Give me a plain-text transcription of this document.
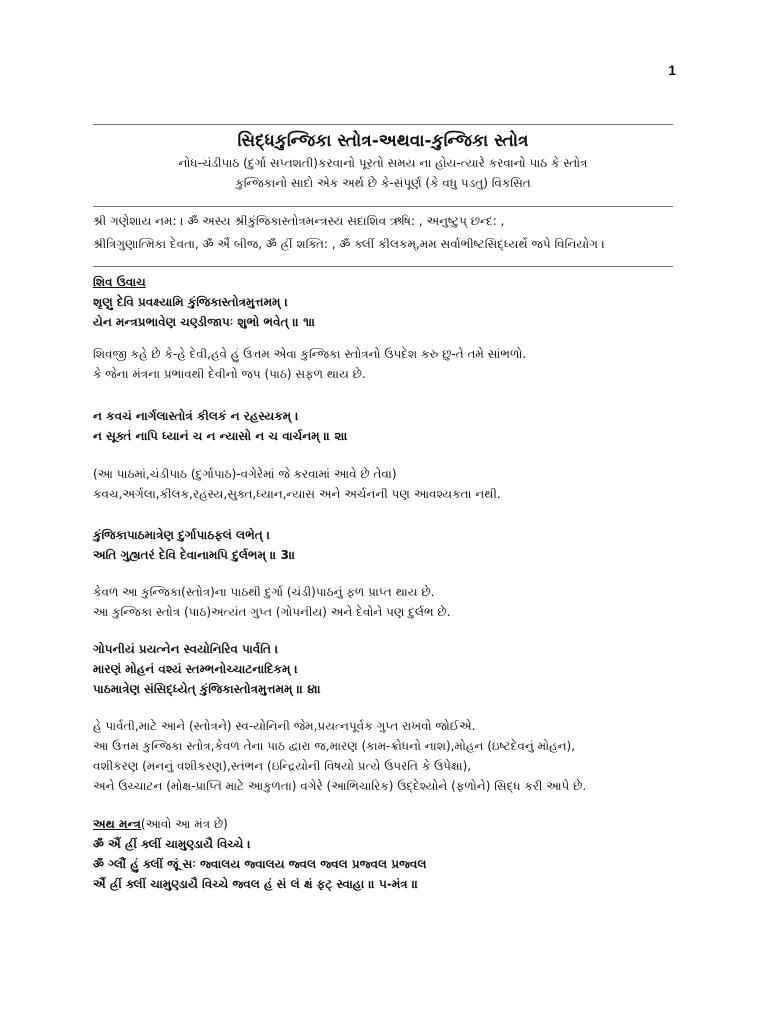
1
સિદ્ધકુન્જિકા સ્તોત્ર-અથવા-કુન્જિકા સ્તોત્ર
નોધ-ચંડીપાઠ (દુર્ગા સપ્તશતી)કરવાનો પૂરતો સમય ના હોય-ત્યારે કરવાનો પાઠ કે સ્તોત્ર
કુન્જિકાનો સાદો એક અર્થ છે કે-સંપૂર્ણ (કે વધુ પડતુ) વિકસિત
શ્રી ગણેશાય નમ: । ॐ અસ્ય શ્રીકુંજિકાસ્તોત્રમન્ત્રસ્ય સદાશિવ ઋષિ: , અનુષ્ટુપ્ છન્દ: ,
શ્રીત્રિગુણાત્મિકા દેવતા, ॐ ઐં બીજ, ॐ હ્રીં શક્તિ: , ॐ ક્લીં કીલકમ્,મમ સર્વાભીષ્ટસિદ્ધ્યર્થે જપે વિનિયોગ ।
શિવ ઉવાચ
શૃણુ દેવિ પ્રવક્ષ્યામિ કુંજિકાસ્તોત્રમુત્તમમ્ ।
યેન મન્ત્રપ્રભાવેણ ચણ્ડીજાપઃ શુભો ભવેત્ ॥ ૧॥
શિવજી કહે છે કે-હે દેવી,હવે હું ઉત્તમ એવા કુન્જિકા સ્તોત્રનો ઉપદેશ કરુ છુ-તે તમે સાંભળો.
કે જેના મંત્રના પ્રભાવથી દેવીનો જપ (પાઠ) સફળ થાય છે.
ન કવચં નાર્ગલાસ્તોત્રં કીલકં ન રહસ્યકમ્ ।
ન સૂક્તં નાપિ ધ્યાનં ચ ન ન્યાસો ન ચ વાર્ચનમ્ ॥ ૨॥
(આ પાઠમાં,ચંડીપાઠ (દુર્ગાપાઠ)-વગેરેમાં જે કરવામાં આવે છે તેવા)
કવચ,અર્ગલા,કીલક,રહસ્ય,સુક્ત,ધ્યાન,ન્યાસ અને અર્ચનની પણ આવશ્યકતા નથી.
કુંજિકાપાઠમાત્રેણ દુર્ગાપાઠફલં લભેત્ ।
અતિ ગુહ્યતરં દેવિ દેવાનામપિ દુર્લભમ્ ॥ 3॥
કેવળ આ કુન્જિકા(સ્તોત્ર)ના પાઠથી દુર્ગા (ચંડી)પાઠનું ફળ પ્રાપ્ત થાય છે.
આ કુન્જિકા સ્તોત્ર (પાઠ)અત્યંત ગુપ્ત (ગોપનીય) અને દેવોને પણ દુર્લભ છે.
ગોપનીયં પ્રયત્નેન સ્વયોનિરિવ પાર્વતિ ।
મારણં મોહનં વશ્યં સ્તમ્ભનોચ્ચાટનાદિકમ્ ।
પાઠમાત્રેણ સંસિદ્ધ્યેત્ કુંજિકાસ્તોત્રમુત્તમમ્ ॥ ૪॥
હે પાર્વતી,માટે આને (સ્તોત્રને) સ્વ-યોનિની જેમ,પ્રયત્નપૂર્વક ગુપ્ત રાખવો જોઈએ.
આ ઉત્તમ કુન્જિકા સ્તોત્ર,કેવળ તેના પાઠ દ્વારા જ,મારણ (કામ-ક્રોધનો નાશ),મોહન (ઇષ્ટદેવનું મોહન),
વશીકરણ (મનનું વશીકરણ),સ્તંભન (ઇન્દ્રિયોની વિષયો પ્રત્યે ઉપરતિ કે ઉપેક્ષા),
અને ઉચ્ચાટન (મોક્ષ-પ્રાપ્તિ માટે આકુળતા) વગેરે (આભિચારિક) ઉદ્દેશ્યોને (ફળોને) સિદ્ધ કરી આપે છે.
અથ મન્ત્ર(આવો આ મંત્ર છે)
ॐ ઐં હ્રીં ક્લીં ચામુણ્ડાયૈ વિચ્ચે ।
ॐ ગ્લૌં હું ક્લીં જૂં સઃ જ્વાલય જ્વાલય જ્વલ જ્વલ પ્રજ્વલ પ્રજ્વલ
ઐં હ્રીં ક્લીં ચામુણ્ડાયૈ વિચ્ચે જ્વલ હં સં લં ક્ષં ફટ્ સ્વાહા ॥ ૫-મંત્ર ॥
